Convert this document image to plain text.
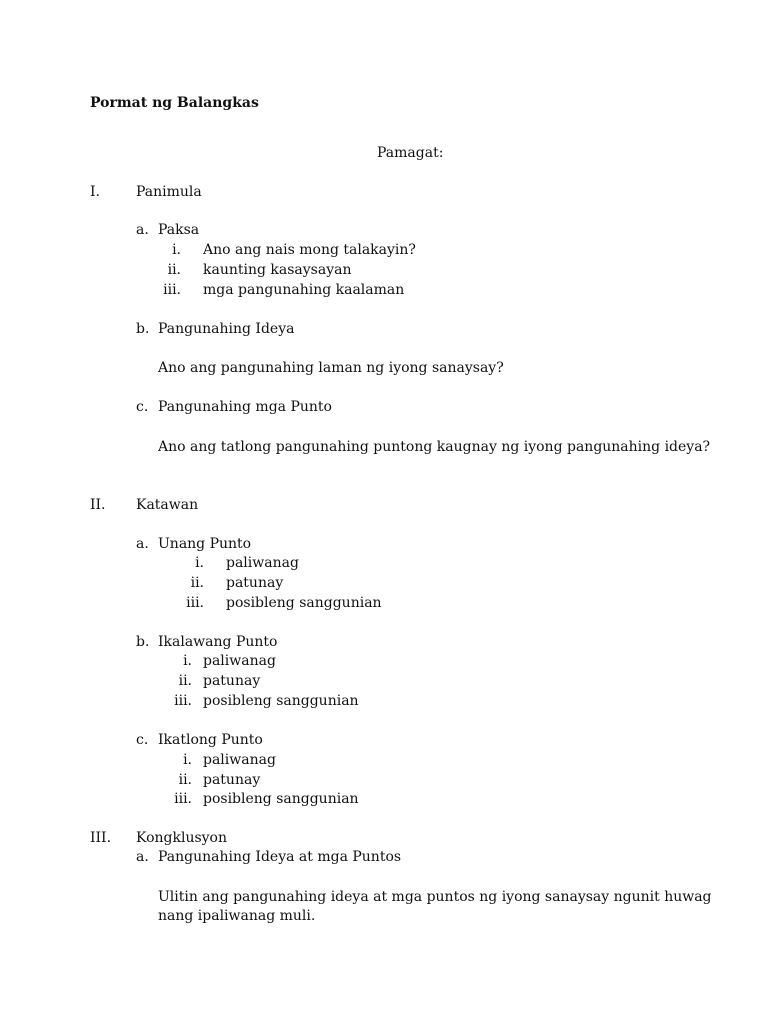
Pormat ng Balangkas
Pamagat:
I.	Panimula
a. Paksa
i. Ano ang nais mong talakayin?
ii. kaunting kasaysayan
iii. mga pangunahing kaalaman
b. Pangunahing Ideya
Ano ang pangunahing laman ng iyong sanaysay?
c. Pangunahing mga Punto
Ano ang tatlong pangunahing puntong kaugnay ng iyong pangunahing ideya?
II. Katawan
a. Unang Punto
i. paliwanag
ii. patunay
iii. posibleng sanggunian
b. Ikalawang Punto
i. paliwanag
ii. patunay
iii. posibleng sanggunian
c. Ikatlong Punto
i. paliwanag
ii. patunay
iii. posibleng sanggunian
III. Kongklusyon
a. Pangunahing Ideya at mga Puntos
Ulitin ang pangunahing ideya at mga puntos ng iyong sanaysay ngunit huwag
nang ipaliwanag muli.
